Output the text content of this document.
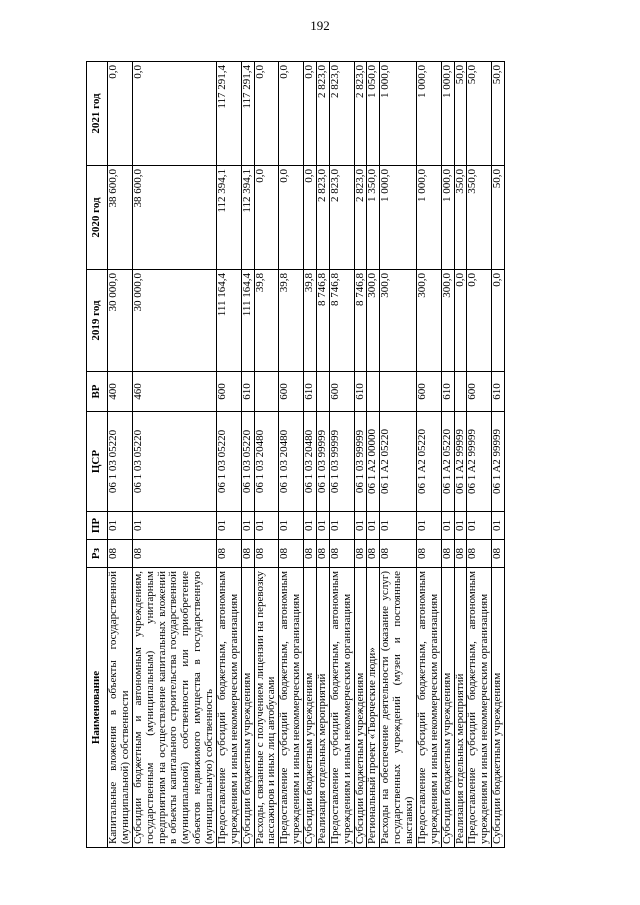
192
Наименование	Рз	ПР	ЦСР	ВР	2019 год	2020 год	2021 год
Капитальные вложения в объекты государственной (муниципальной) собственности	08	01	06 1 03 05220	400	30 000,0	38 600,0	0,0
Субсидии бюджетным и автономным учреждениям, государственным (муниципальным) унитарным предприятиям на осуществление капитальных вложений в объекты капитального строительства государственной (муниципальной) собственности или приобретение объектов недвижимого имущества в государственную (муниципальную) собственность	08	01	06 1 03 05220	460	30 000,0	38 600,0	0,0
Предоставление субсидий бюджетным, автономным учреждениям и иным некоммерческим организациям	08	01	06 1 03 05220	600	111 164,4	112 394,1	117 291,4
Субсидии бюджетным учреждениям	08	01	06 1 03 05220	610	111 164,4	112 394,1	117 291,4
Расходы, связанные с получением лицензии на перевозку пассажиров и иных лиц автобусами	08	01	06 1 03 20480		39,8	0,0	0,0
Предоставление субсидий бюджетным, автономным учреждениям и иным некоммерческим организациям	08	01	06 1 03 20480	600	39,8	0,0	0,0
Субсидии бюджетным учреждениям	08	01	06 1 03 20480	610	39,8	0,0	0,0
Реализация отдельных мероприятий	08	01	06 1 03 99999		8 746,8	2 823,0	2 823,0
Предоставление субсидий бюджетным, автономным учреждениям и иным некоммерческим организациям	08	01	06 1 03 99999	600	8 746,8	2 823,0	2 823,0
Субсидии бюджетным учреждениям	08	01	06 1 03 99999	610	8 746,8	2 823,0	2 823,0
Региональный проект «Творческие люди»	08	01	06 1 A2 00000		300,0	1 350,0	1 050,0
Расходы на обеспечение деятельности (оказание услуг) государственных учреждений (музеи и постоянные выставки)	08	01	06 1 A2 05220		300,0	1 000,0	1 000,0
Предоставление субсидий бюджетным, автономным учреждениям и иным некоммерческим организациям	08	01	06 1 A2 05220	600	300,0	1 000,0	1 000,0
Субсидии бюджетным учреждениям	08	01	06 1 A2 05220	610	300,0	1 000,0	1 000,0
Реализация отдельных мероприятий	08	01	06 1 A2 99999		0,0	350,0	50,0
Предоставление субсидий бюджетным, автономным учреждениям и иным некоммерческим организациям	08	01	06 1 A2 99999	600	0,0	350,0	50,0
Субсидии бюджетным учреждениям	08	01	06 1 A2 99999	610	0,0	50,0	50,0
